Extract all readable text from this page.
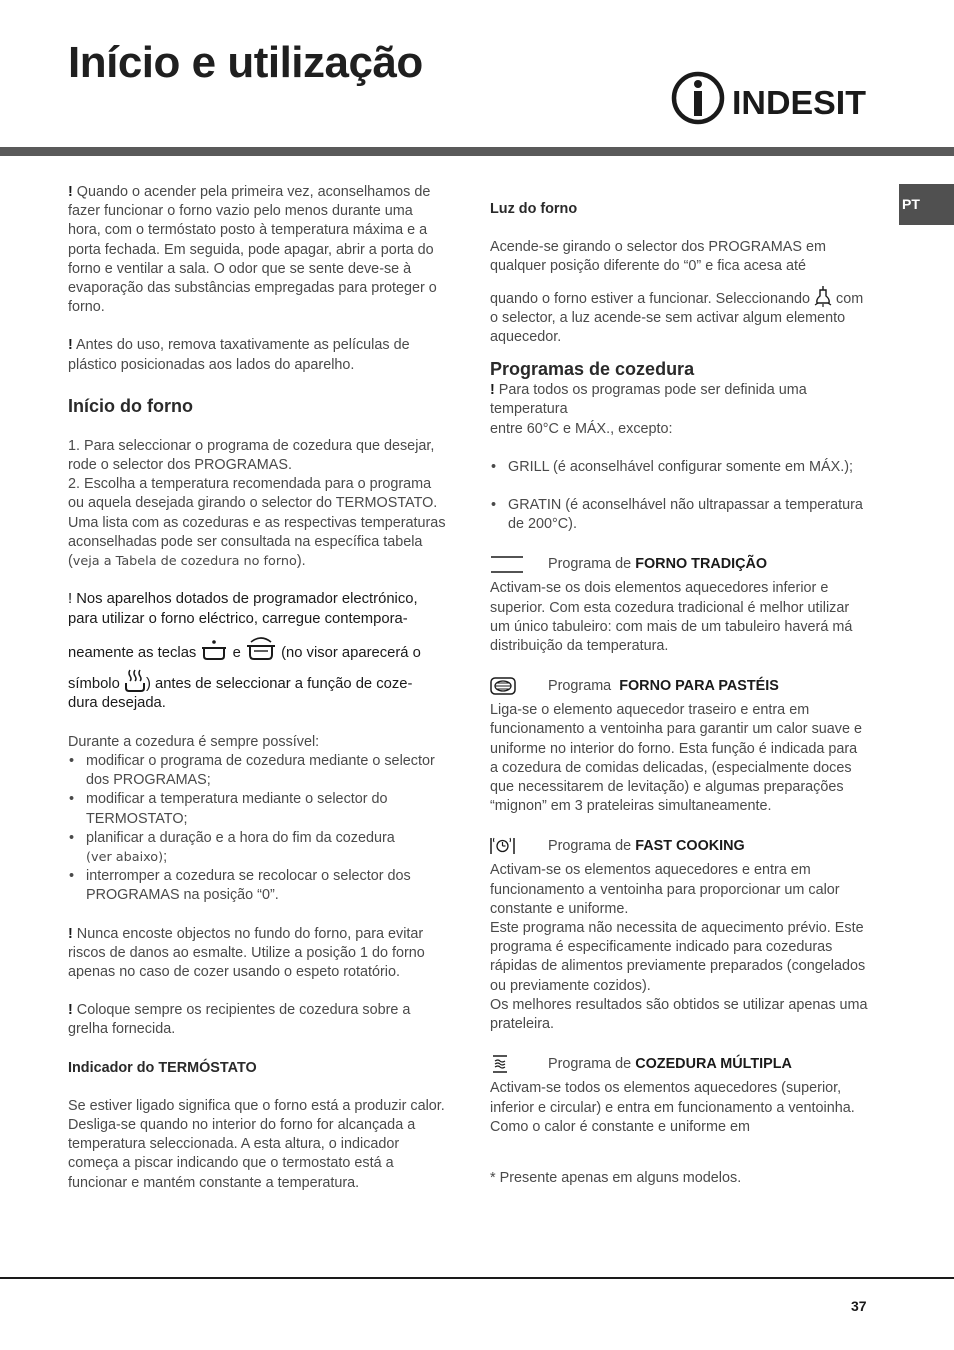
Início e utilização
INDESIT
PT

! Quando o acender pela primeira vez, aconselhamos de fazer funcionar o forno vazio pelo menos durante uma hora, com o termóstato posto à temperatura máxima e a porta fechada. Em seguida, pode apagar, abrir a porta do forno e ventilar a sala. O odor que se sente deve-se à evaporação das substâncias empregadas para proteger o forno.

! Antes do uso, remova taxativamente as películas de plástico posicionadas aos lados do aparelho.

Início do forno

1. Para seleccionar o programa de cozedura que desejar, rode o selector dos PROGRAMAS.

2. Escolha a temperatura recomendada para o programa ou aquela desejada girando o selector do TERMOSTATO.

Uma lista com as cozeduras e as respectivas temperaturas aconselhadas pode ser consultada na específica tabela (veja a Tabela de cozedura no forno).

! Nos aparelhos dotados de programador electrónico, para utilizar o forno eléctrico, carregue contempora-

neamente as teclas e	(no visor aparecerá o

símbolo ) antes de seleccionar a função de coze-

dura desejada.

Durante a cozedura é sempre possível:

• modificar o programa de cozedura mediante o selector dos PROGRAMAS;
• modificar a temperatura mediante o selector do TERMOSTATO;
• planificar a duração e a hora do fim da cozedura
(ver abaixo);
• interromper a cozedura se recolocar o selector dos PROGRAMAS na posição “0”.

! Nunca encoste objectos no fundo do forno, para evitar riscos de danos ao esmalte. Utilize a posição 1 do forno apenas no caso de cozer usando o espeto rotatório.

! Coloque sempre os recipientes de cozedura sobre a grelha fornecida.

Indicador do TERMÓSTATO

Se estiver ligado significa que o forno está a produzir calor. Desliga-se quando no interior do forno for alcançada a temperatura seleccionada. A esta altura, o indicador começa a piscar indicando que o termostato está a funcionar e mantém constante a temperatura.

Luz do forno

Acende-se girando o selector dos PROGRAMAS em qualquer posição diferente do “0” e fica acesa até

quando o forno estiver a funcionar. Seleccionando com o selector, a luz acende-se sem activar algum elemento aquecedor.

Programas de cozedura

! Para todos os programas pode ser definida uma temperatura

entre 60°C e MÁX., excepto:

• GRILL (é aconselhável configurar somente em MÁX.);
• GRATIN (é aconselhável não ultrapassar a temperatura de 200°C).
Programa de FORNO TRADIÇÃO

Activam-se os dois elementos aquecedores inferior e superior. Com esta cozedura tradicional é melhor utilizar um único tabuleiro: com mais de um tabuleiro haverá má distribuição da temperatura.

Programa FORNO PARA PASTÉIS

Liga-se o elemento aquecedor traseiro e entra em funcionamento a ventoinha para garantir um calor suave e uniforme no interior do forno. Esta função é indicada para a cozedura de comidas delicadas, (especialmente doces que necessitarem de levitação) e algumas preparações “mignon” em 3 prateleiras simultaneamente.

Programa de FAST COOKING

Activam-se os elementos aquecedores e entra em funcionamento a ventoinha para proporcionar um calor constante e uniforme.

Este programa não necessita de aquecimento prévio. Este programa é especificamente indicado para cozeduras rápidas de alimentos previamente preparados (congelados ou previamente cozidos).

Os melhores resultados são obtidos se utilizar apenas uma prateleira.

Programa de COZEDURA MÚLTIPLA

Activam-se todos os elementos aquecedores (superior, inferior e circular) e entra em funcionamento a ventoinha. Como o calor é constante e uniforme em

* Presente apenas em alguns modelos.

37
